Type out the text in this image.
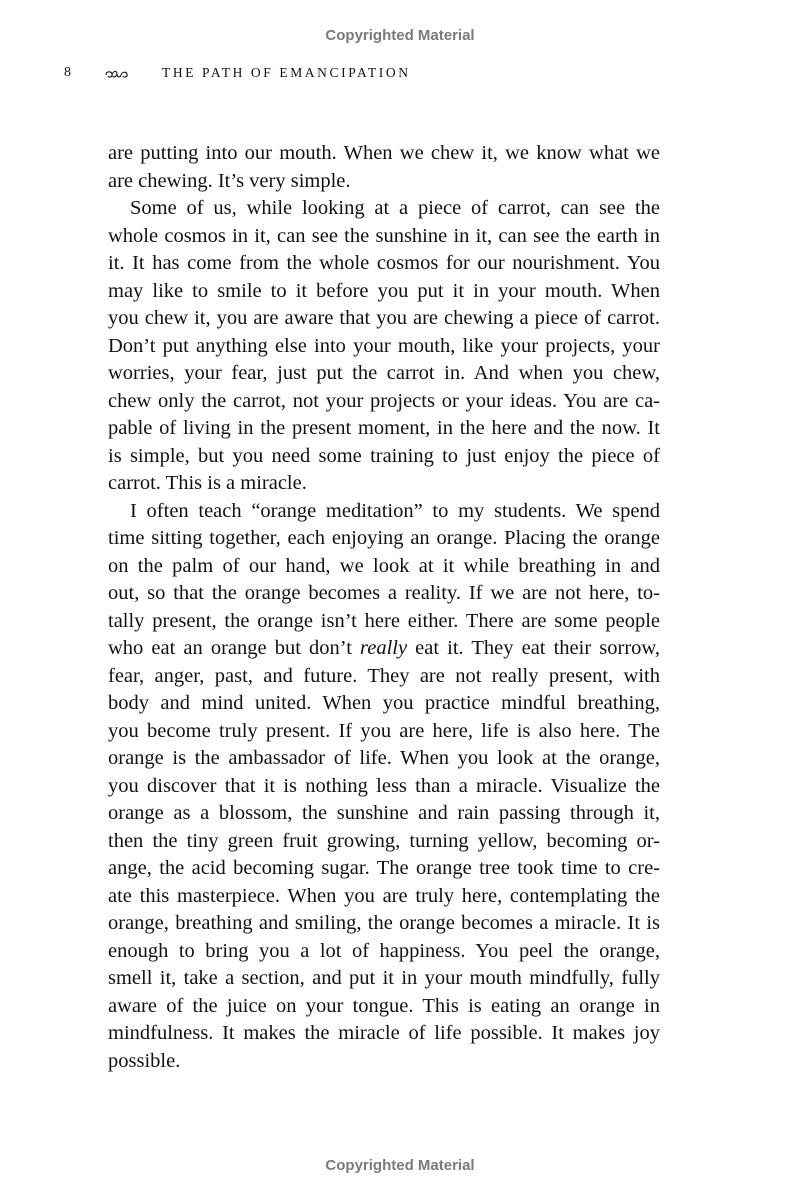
Copyrighted Material
8	THE PATH OF EMANCIPATION
are putting into our mouth. When we chew it, we know what we
are chewing. It’s very simple.
Some of us, while looking at a piece of carrot, can see the
whole cosmos in it, can see the sunshine in it, can see the earth in
it. It has come from the whole cosmos for our nourishment. You
may like to smile to it before you put it in your mouth. When
you chew it, you are aware that you are chewing a piece of carrot.
Don’t put anything else into your mouth, like your projects, your
worries, your fear, just put the carrot in. And when you chew,
chew only the carrot, not your projects or your ideas. You are ca-
pable of living in the present moment, in the here and the now. It
is simple, but you need some training to just enjoy the piece of
carrot. This is a miracle.
I often teach “orange meditation” to my students. We spend
time sitting together, each enjoying an orange. Placing the orange
on the palm of our hand, we look at it while breathing in and
out, so that the orange becomes a reality. If we are not here, to-
tally present, the orange isn’t here either. There are some people
who eat an orange but don’t really eat it. They eat their sorrow,
fear, anger, past, and future. They are not really present, with
body and mind united. When you practice mindful breathing,
you become truly present. If you are here, life is also here. The
orange is the ambassador of life. When you look at the orange,
you discover that it is nothing less than a miracle. Visualize the
orange as a blossom, the sunshine and rain passing through it,
then the tiny green fruit growing, turning yellow, becoming or-
ange, the acid becoming sugar. The orange tree took time to cre-
ate this masterpiece. When you are truly here, contemplating the
orange, breathing and smiling, the orange becomes a miracle. It is
enough to bring you a lot of happiness. You peel the orange,
smell it, take a section, and put it in your mouth mindfully, fully
aware of the juice on your tongue. This is eating an orange in
mindfulness. It makes the miracle of life possible. It makes joy
possible.
Copyrighted Material
